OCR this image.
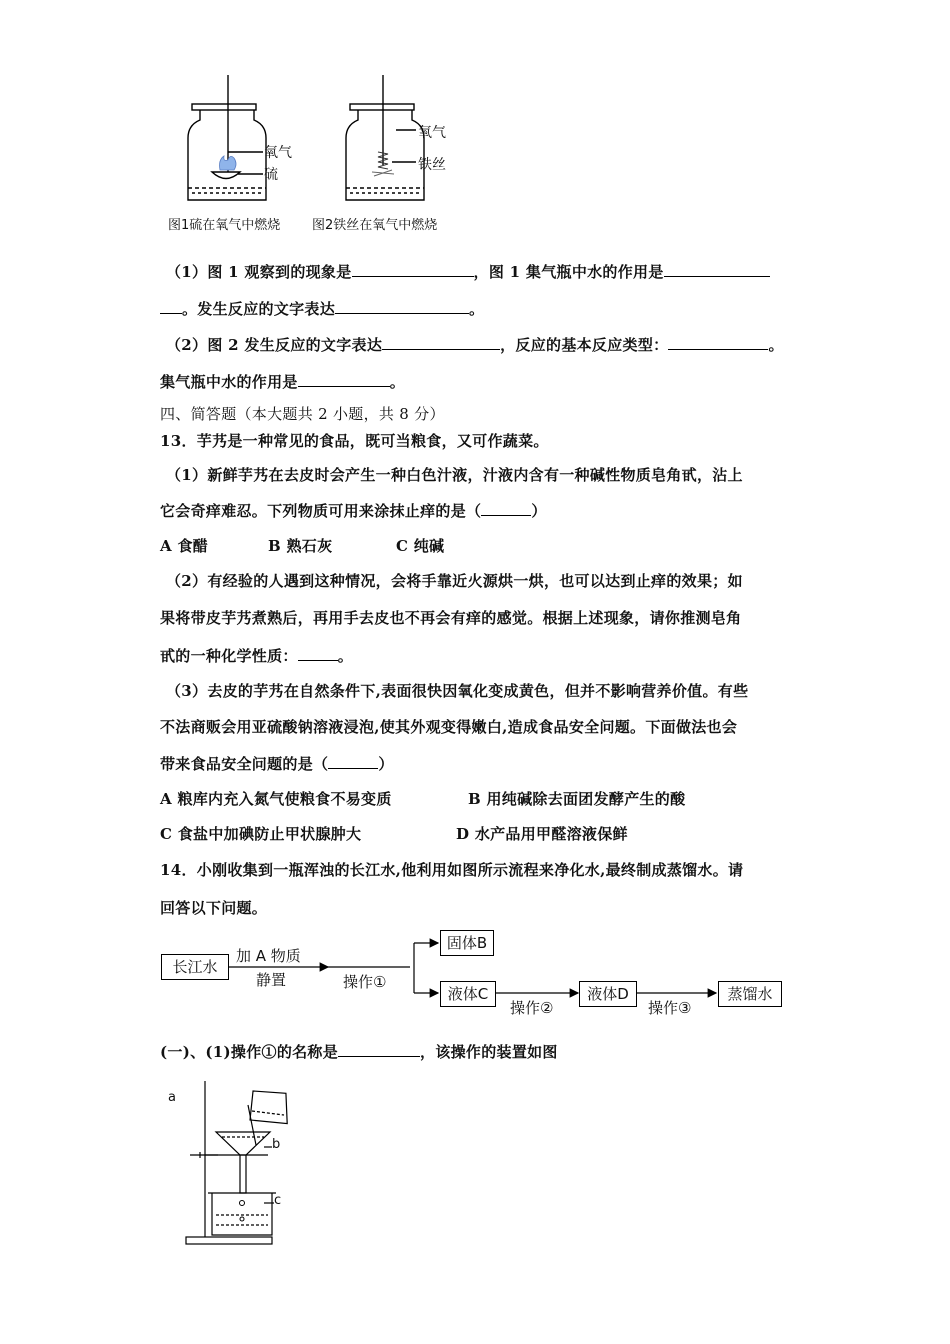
氧气
硫
氧气
铁丝
图1硫在氧气中燃烧 图2铁丝在氧气中燃烧
（1）图 1 观察到的现象是	，图 1 集气瓶中水的作用是
。发生反应的文字表达	。
（2）图 2 发生反应的文字表达	，反应的基本反应类型：	。
集气瓶中水的作用是	。
四、简答题（本大题共 2 小题，共 8 分）
13．芋艿是一种常见的食品，既可当粮食，又可作蔬菜。
（1）新鲜芋艿在去皮时会产生一种白色汁液，汁液内含有一种碱性物质皂角甙，沾上
它会奇痒难忍。下列物质可用来涂抹止痒的是（	）
A 食醋	B 熟石灰	C 纯碱
（2）有经验的人遇到这种情况，会将手靠近火源烘一烘，也可以达到止痒的效果；如
果将带皮芋艿煮熟后，再用手去皮也不再会有痒的感觉。根据上述现象，请你推测皂角
甙的一种化学性质：	。
（3）去皮的芋艿在自然条件下,表面很快因氧化变成黄色，但并不影响营养价值。有些
不法商贩会用亚硫酸钠溶液浸泡,使其外观变得嫩白,造成食品安全问题。下面做法也会
带来食品安全问题的是（	）
A 粮库内充入氮气使粮食不易变质	B 用纯碱除去面团发酵产生的酸
C 食盐中加碘防止甲状腺肿大	D 水产品用甲醛溶液保鲜
14．小刚收集到一瓶浑浊的长江水,他利用如图所示流程来净化水,最终制成蒸馏水。请
回答以下问题。
长江水
加 A 物质
静置	操作①
固体B
液体C
操作②
液体D
操作③
蒸馏水
(一)、(1)操作①的名称是	，该操作的装置如图
a
b
c
